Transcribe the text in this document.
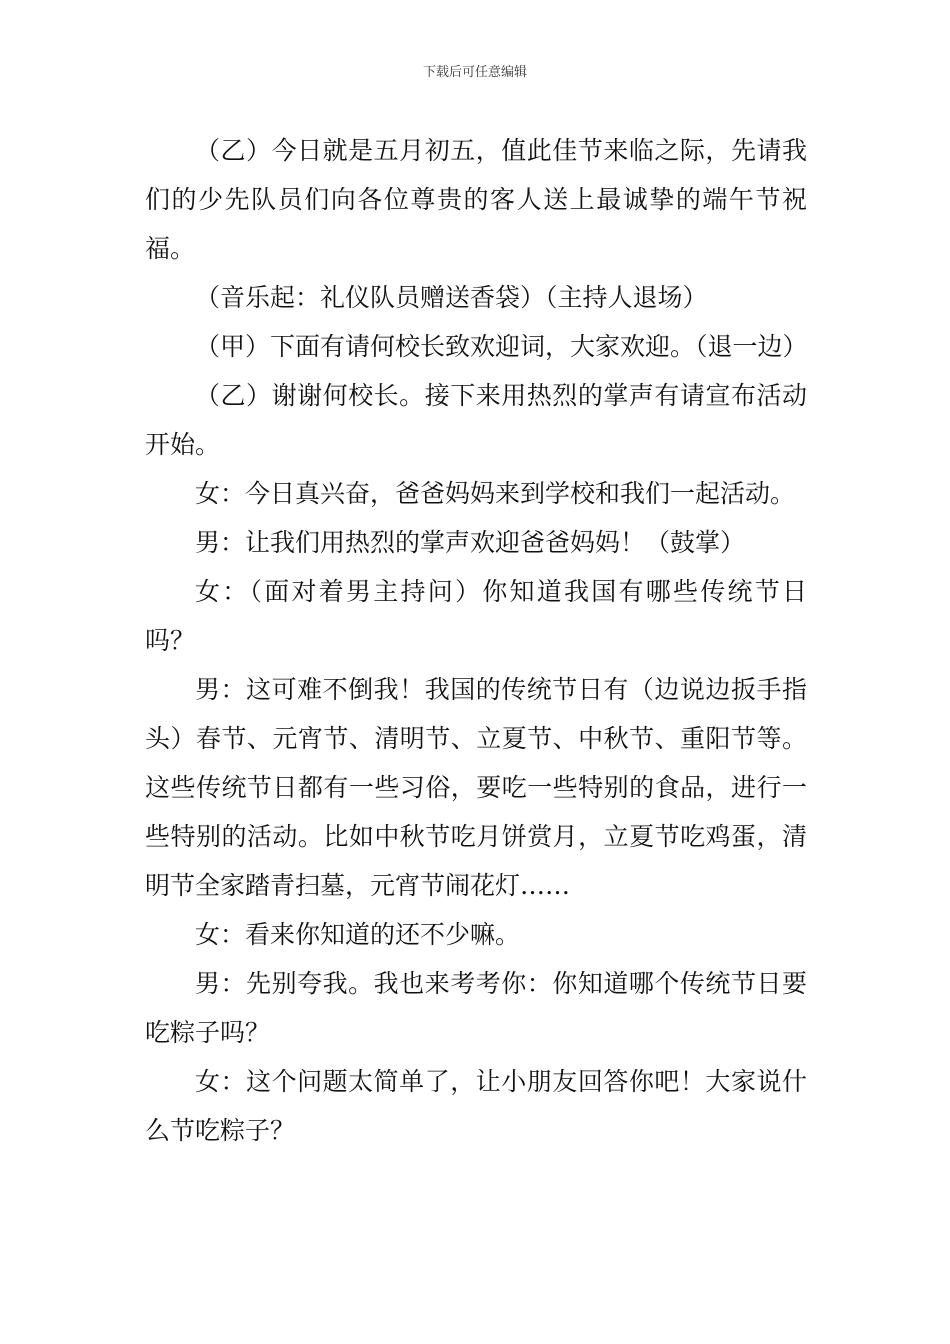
下载后可任意编辑

（乙）今日就是五月初五，值此佳节来临之际，先请我们的少先队员们向各位尊贵的客人送上最诚挚的端午节祝福。

（音乐起：礼仪队员赠送香袋）（主持人退场）

（甲）下面有请何校长致欢迎词，大家欢迎。（退一边）

（乙）谢谢何校长。接下来用热烈的掌声有请宣布活动开始。

女：今日真兴奋，爸爸妈妈来到学校和我们一起活动。

男：让我们用热烈的掌声欢迎爸爸妈妈！（鼓掌）

女：（面对着男主持问）你知道我国有哪些传统节日吗？

男：这可难不倒我！我国的传统节日有（边说边扳手指头）春节、元宵节、清明节、立夏节、中秋节、重阳节等。这些传统节日都有一些习俗，要吃一些特别的食品，进行一些特别的活动。比如中秋节吃月饼赏月，立夏节吃鸡蛋，清明节全家踏青扫墓，元宵节闹花灯……

女：看来你知道的还不少嘛。

男：先别夸我。我也来考考你：你知道哪个传统节日要吃粽子吗？

女：这个问题太简单了，让小朋友回答你吧！大家说什么节吃粽子？
